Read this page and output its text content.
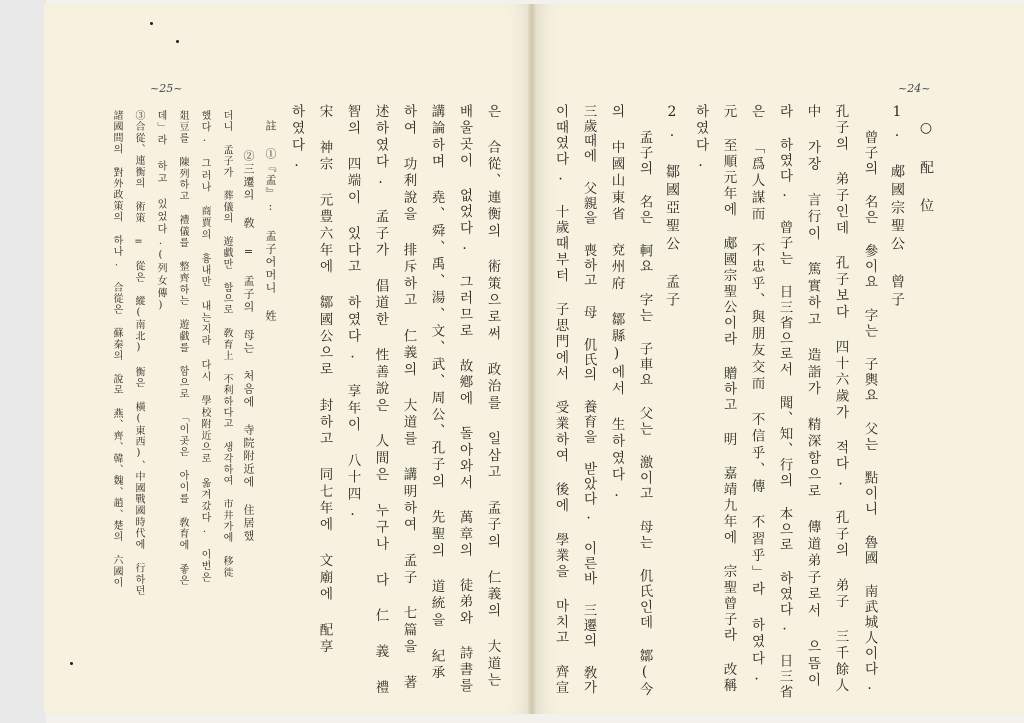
~25~	~24~
○ 配 位
1. 郕國宗聖公 曾子
曾子의 名은 參이요 字는 子輿요 父는 點이니 魯國 南武城人이다.
孔子의 弟子인데 孔子보다 四十六歲가 적다. 孔子의 弟子 三千餘人
中 가장 言行이 篤實하고 造詣가 精深함으로 傳道弟子로서 으뜸이
라 하였다. 曾子는 日三省으로서 聞、知、行의 本으로 하였다. 日三省
은 「爲人謀而 不忠乎、與朋友交而 不信乎、傳 不習乎」라 하였다.
元 至順元年에 郕國宗聖公이라 贈하고 明 嘉靖九年에 宗聖曾子라 改稱
하였다.
2. 鄒國亞聖公 孟子
孟子의 名은 軻요 字는 子車요 父는 激이고 母는 仉氏인데 鄒(今
의 中國山東省 兗州府 鄒縣)에서 生하였다.
三歲때에 父親을 喪하고 母 仉氏의 養育을 받았다. 이른바 三遷의 敎가
이때였다. 十歲때부터 子思門에서 受業하여 後에 學業을 마치고 齊宣
은 合從、連衡의 術策으로써 政治를 일삼고 孟子의 仁義의 大道는
배울곳이 없었다. 그러므로 故鄕에 돌아와서 萬章의 徒弟와 詩書를
講論하며 堯、舜、禹、湯、文、武、周公、孔子의 先聖의 道統을 紀承
하여 功利說을 排斥하고 仁義의 大道를 講明하여 孟子 七篇을 著
述하였다. 孟子가 倡道한 性善說은 人間은 누구나 다 仁 義 禮
智의 四端이 있다고 하였다. 享年이 八十四.
宋 神宗 元豊六年에 鄒國公으로 封하고 同七年에 文廟에 配享
하였다.
註 ①『孟』: 孟子어머니 姓
②三遷의 敎 = 孟子의 母는 처음에 寺院附近에 住居했
더니 孟子가 葬儀의 遊戱만 함으로 敎育上 不利하다고 생각하여 市井가에 移徙
했다. 그러나 商賈의 흉내만 내는지라 다시 學校附近으로 옮겨갔다. 이번은
爼豆를 陳列하고 禮儀를 整齊하는 遊戱를 함으로 「이곳은 아이를 敎育에 좋은
데」라 하고 있었다.(列女傳)
③合從、連衡의 術策 = 從은 縱(南北) 衡은 橫(東西)、中國戰國時代에 行하던
諸國間의 對外政策의 하나. 合從은 蘇秦의 說로 燕、齊、韓、魏、趙、楚의 六國이
